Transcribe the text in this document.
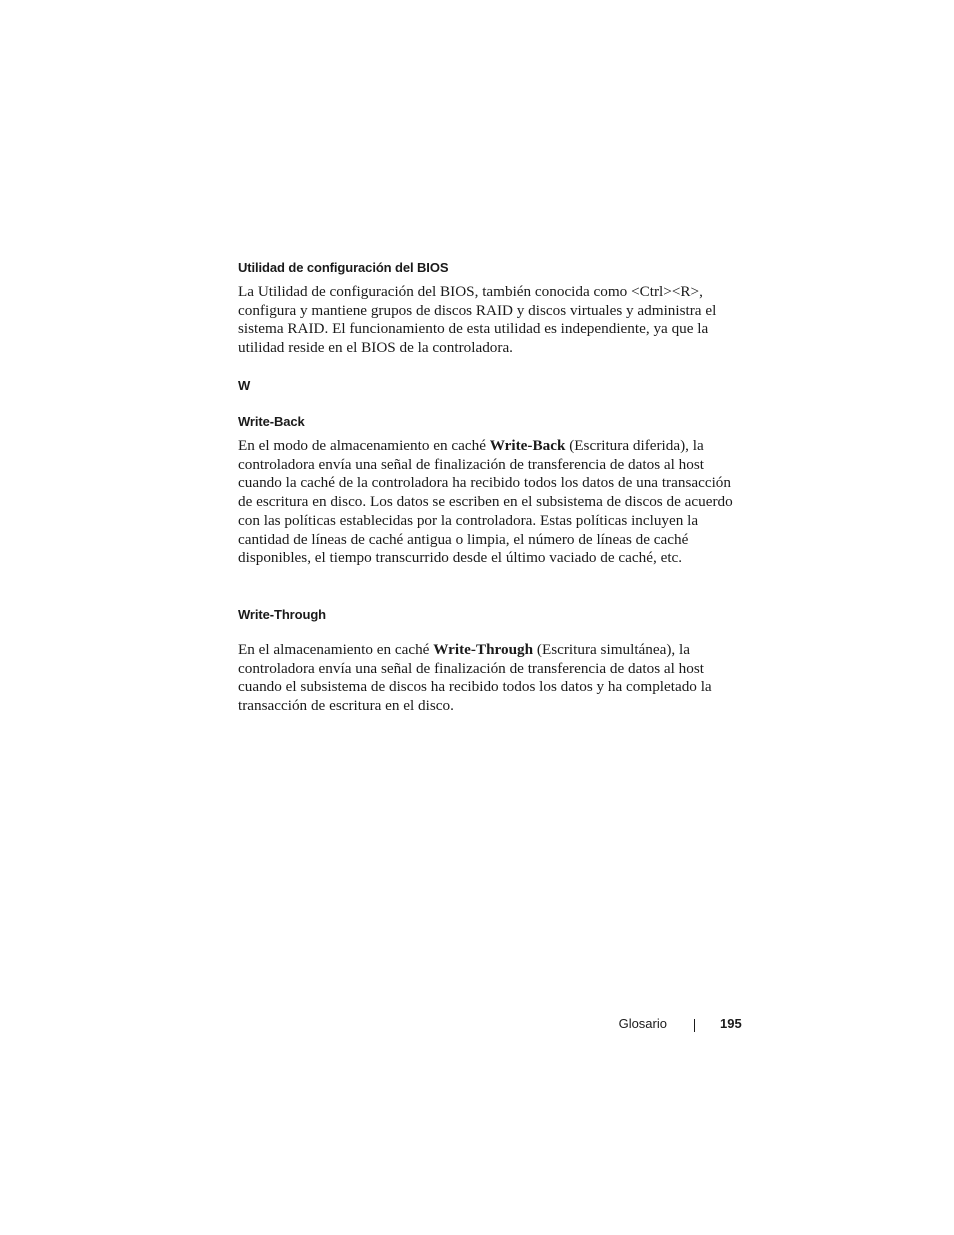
Utilidad de configuración del BIOS

La Utilidad de configuración del BIOS, también conocida como <Ctrl><R>, configura y mantiene grupos de discos RAID y discos virtuales y administra el sistema RAID. El funcionamiento de esta utilidad es independiente, ya que la utilidad reside en el BIOS de la controladora.

W
Write-Back

En el modo de almacenamiento en caché Write-Back (Escritura diferida), la controladora envía una señal de finalización de transferencia de datos al host cuando la caché de la controladora ha recibido todos los datos de una transacción de escritura en disco. Los datos se escriben en el subsistema de discos de acuerdo con las políticas establecidas por la controladora. Estas políticas incluyen la cantidad de líneas de caché antigua o limpia, el número de líneas de caché disponibles, el tiempo transcurrido desde el último vaciado de caché, etc.

Write-Through

En el almacenamiento en caché Write-Through (Escritura simultánea), la controladora envía una señal de finalización de transferencia de datos al host cuando el subsistema de discos ha recibido todos los datos y ha completado la transacción de escritura en el disco.

Glosario	195
